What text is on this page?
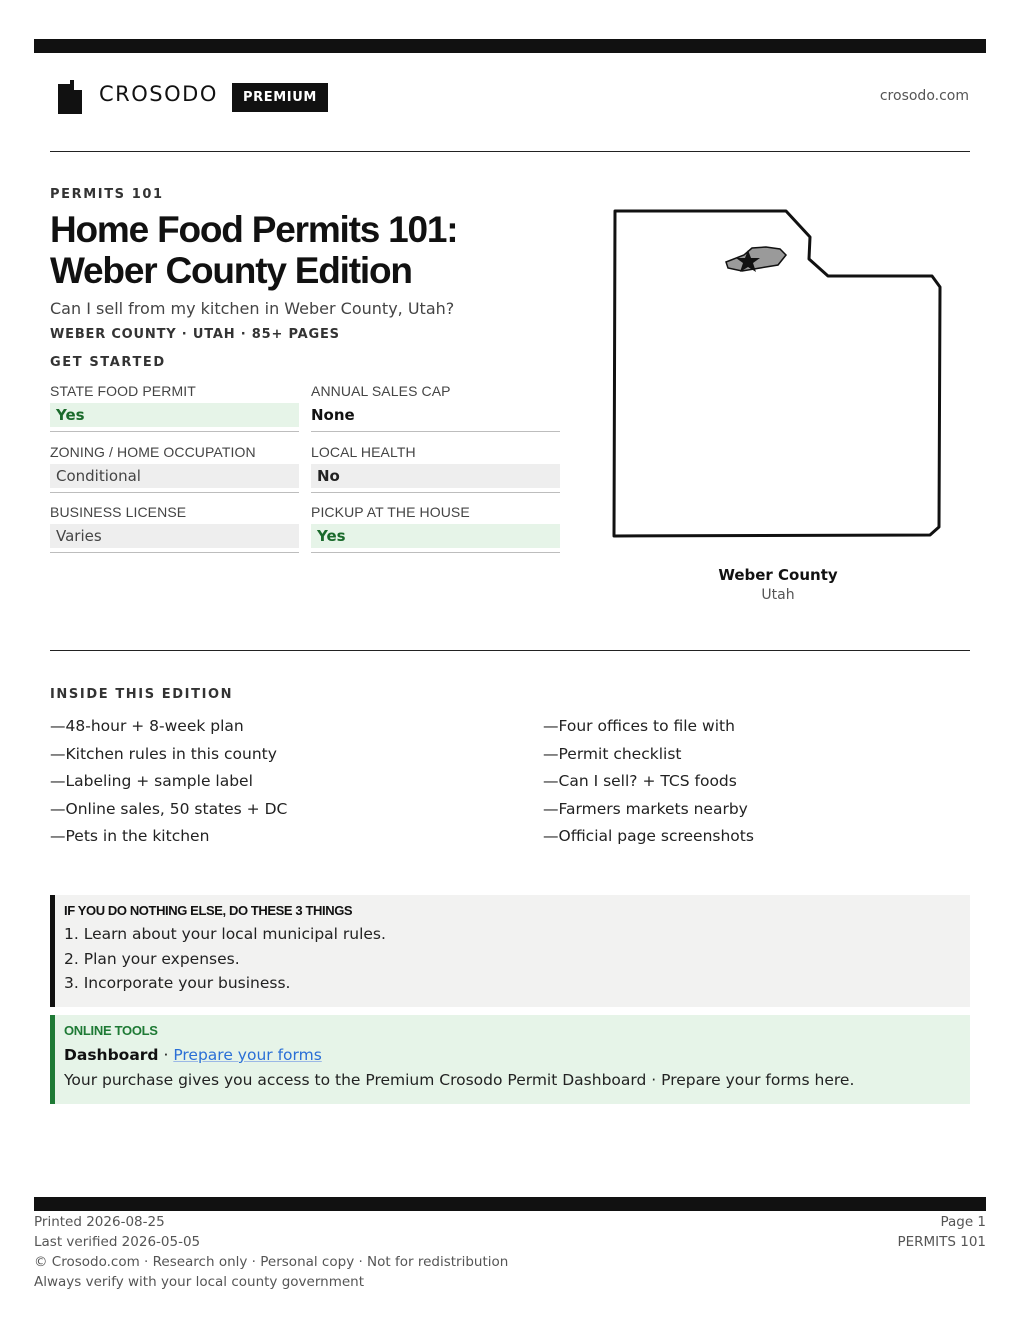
CROSODO	PREMIUM	crosodo.com
PERMITS 101
Home Food Permits 101: Weber County Edition
Can I sell from my kitchen in Weber County, Utah?
WEBER COUNTY · UTAH · 85+ PAGES
GET STARTED
STATE FOOD PERMIT
Yes
ANNUAL SALES CAP
None
ZONING / HOME OCCUPATION
Conditional
LOCAL HEALTH
No
BUSINESS LICENSE
Varies
PICKUP AT THE HOUSE
Yes
Weber County
Utah
INSIDE THIS EDITION
—48-hour + 8-week plan
—Kitchen rules in this county
—Labeling + sample label
—Online sales, 50 states + DC
—Pets in the kitchen
—Four offices to file with
—Permit checklist
—Can I sell? + TCS foods
—Farmers markets nearby
—Official page screenshots
IF YOU DO NOTHING ELSE, DO THESE 3 THINGS
1. Learn about your local municipal rules.
2. Plan your expenses.
3. Incorporate your business.
ONLINE TOOLS
Dashboard · Prepare your forms
Your purchase gives you access to the Premium Crosodo Permit Dashboard · Prepare your forms here.
Printed 2026-08-25
Last verified 2026-05-05
© Crosodo.com · Research only · Personal copy · Not for redistribution
Always verify with your local county government
Page 1
PERMITS 101
